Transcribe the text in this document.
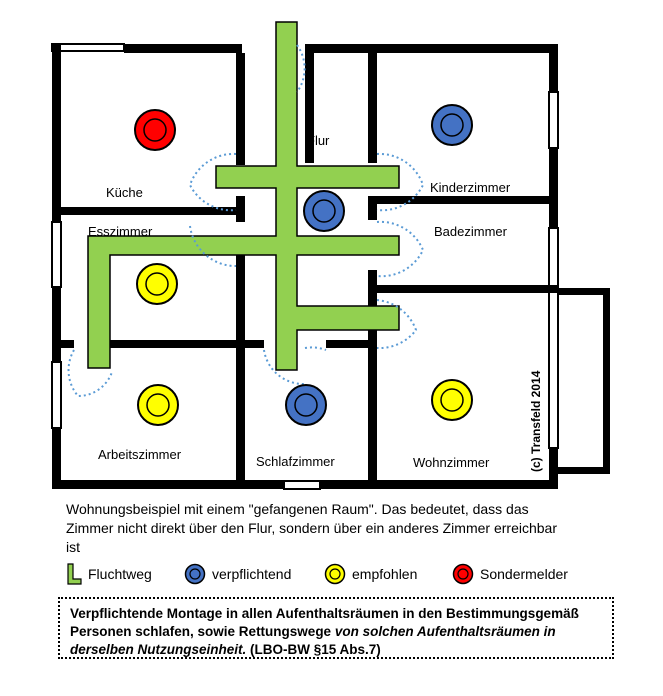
Flur
Küche	Kinderzimmer
Esszimmer	Badezimmer
Arbeitszimmer	Schlafzimmer	Wohnzimmer	(c) Transfeld 2014
Wohnungsbeispiel mit einem "gefangenen Raum". Das bedeutet, dass das Zimmer nicht direkt über den Flur, sondern über ein anderes Zimmer erreichbar ist
Fluchtweg	verpflichtend	empfohlen	Sondermelder
Verpflichtende Montage in allen Aufenthaltsräumen in den Bestimmungsgemäß Personen schlafen, sowie Rettungswege von solchen Aufenthaltsräumen in derselben Nutzungseinheit. (LBO-BW §15 Abs.7)
